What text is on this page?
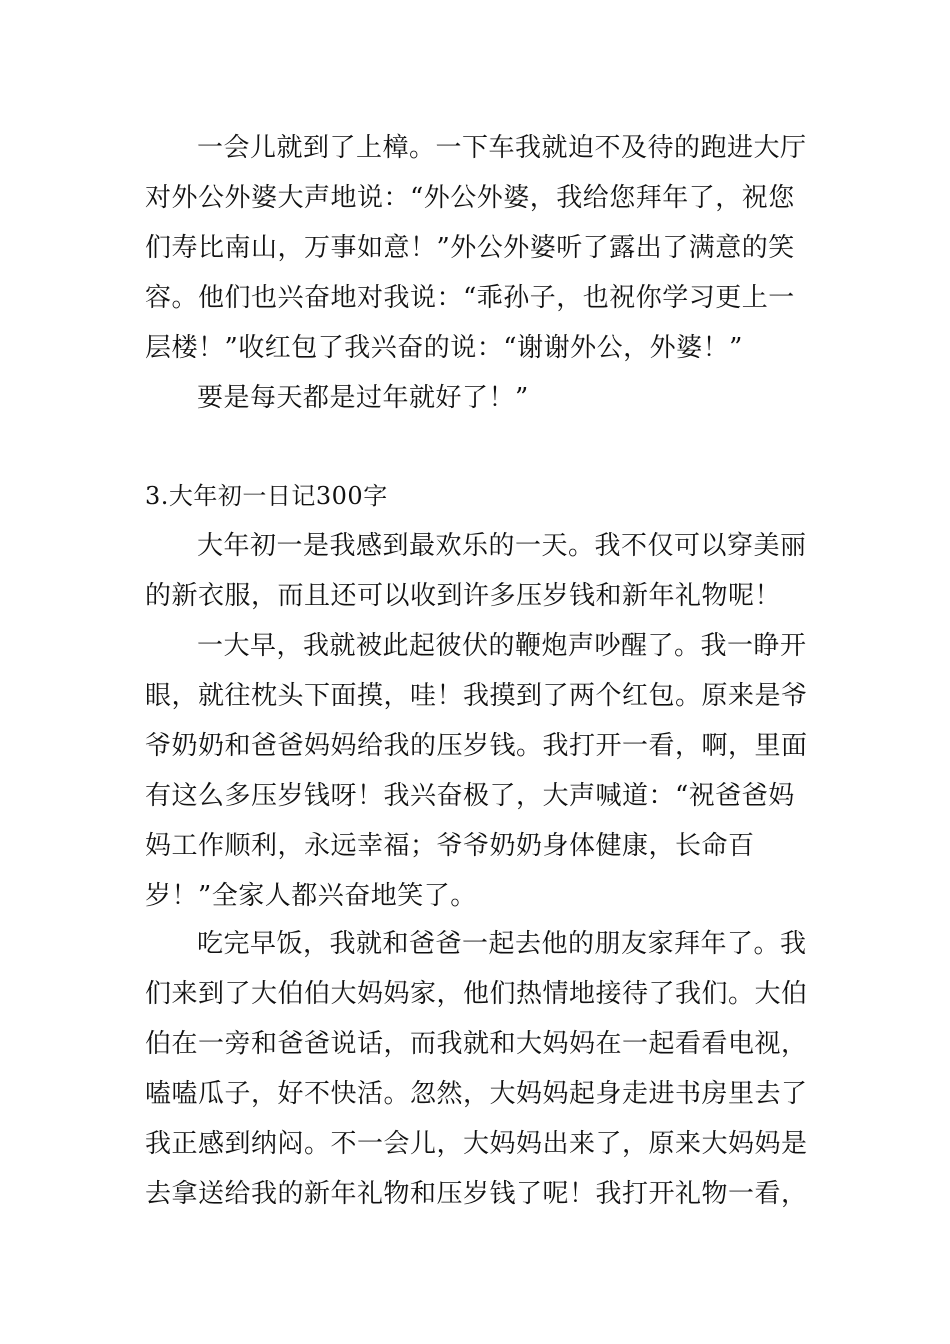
一会儿就到了上樟。一下车我就迫不及待的跑进大厅
对外公外婆大声地说：“外公外婆，我给您拜年了，祝您
们寿比南山，万事如意！”外公外婆听了露出了满意的笑
容。他们也兴奋地对我说：“乖孙子，也祝你学习更上一
层楼！”收红包了我兴奋的说：“谢谢外公，外婆！”
要是每天都是过年就好了！”
3.大年初一日记300字
大年初一是我感到最欢乐的一天。我不仅可以穿美丽
的新衣服，而且还可以收到许多压岁钱和新年礼物呢！
一大早，我就被此起彼伏的鞭炮声吵醒了。我一睁开
眼，就往枕头下面摸，哇！我摸到了两个红包。原来是爷
爷奶奶和爸爸妈妈给我的压岁钱。我打开一看，啊，里面
有这么多压岁钱呀！我兴奋极了，大声喊道：“祝爸爸妈
妈工作顺利，永远幸福；爷爷奶奶身体健康，长命百
岁！”全家人都兴奋地笑了。
吃完早饭，我就和爸爸一起去他的朋友家拜年了。我
们来到了大伯伯大妈妈家，他们热情地接待了我们。大伯
伯在一旁和爸爸说话，而我就和大妈妈在一起看看电视，
嗑嗑瓜子，好不快活。忽然，大妈妈起身走进书房里去了
我正感到纳闷。不一会儿，大妈妈出来了，原来大妈妈是
去拿送给我的新年礼物和压岁钱了呢！我打开礼物一看，
